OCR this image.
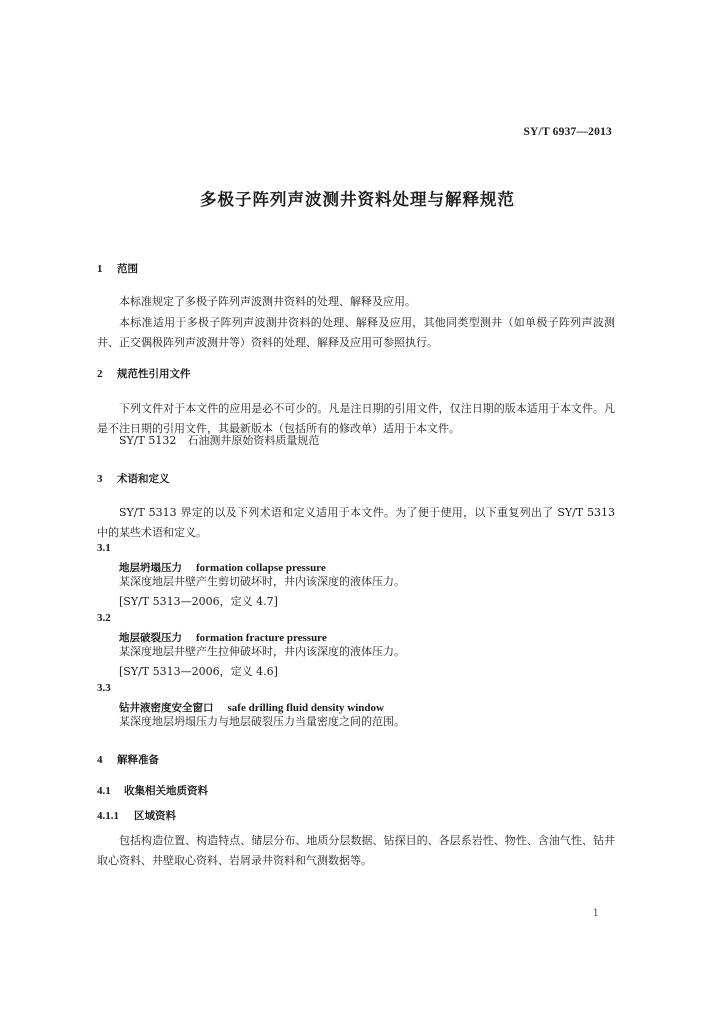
SY/T 6937—2013
多极子阵列声波测井资料处理与解释规范
1 范围
本标准规定了多极子阵列声波测井资料的处理、解释及应用。
本标准适用于多极子阵列声波测井资料的处理、解释及应用，其他同类型测井（如单极子阵列声波测井、正交偶极阵列声波测井等）资料的处理、解释及应用可参照执行。
2 规范性引用文件
下列文件对于本文件的应用是必不可少的。凡是注日期的引用文件，仅注日期的版本适用于本文件。凡是不注日期的引用文件，其最新版本（包括所有的修改单）适用于本文件。
SY/T 5132　石油测井原始资料质量规范
3 术语和定义
SY/T 5313 界定的以及下列术语和定义适用于本文件。为了便于使用，以下重复列出了 SY/T 5313 中的某些术语和定义。
3.1
地层坍塌压力 formation collapse pressure
某深度地层井壁产生剪切破坏时，井内该深度的液体压力。
[SY/T 5313—2006，定义 4.7]
3.2
地层破裂压力 formation fracture pressure
某深度地层井壁产生拉伸破坏时，井内该深度的液体压力。
[SY/T 5313—2006，定义 4.6]
3.3
钻井液密度安全窗口 safe drilling fluid density window
某深度地层坍塌压力与地层破裂压力当量密度之间的范围。
4 解释准备
4.1 收集相关地质资料
4.1.1 区域资料
包括构造位置、构造特点、储层分布、地质分层数据、钻探目的、各层系岩性、物性、含油气性、钻井取心资料、井壁取心资料、岩屑录井资料和气测数据等。
1
